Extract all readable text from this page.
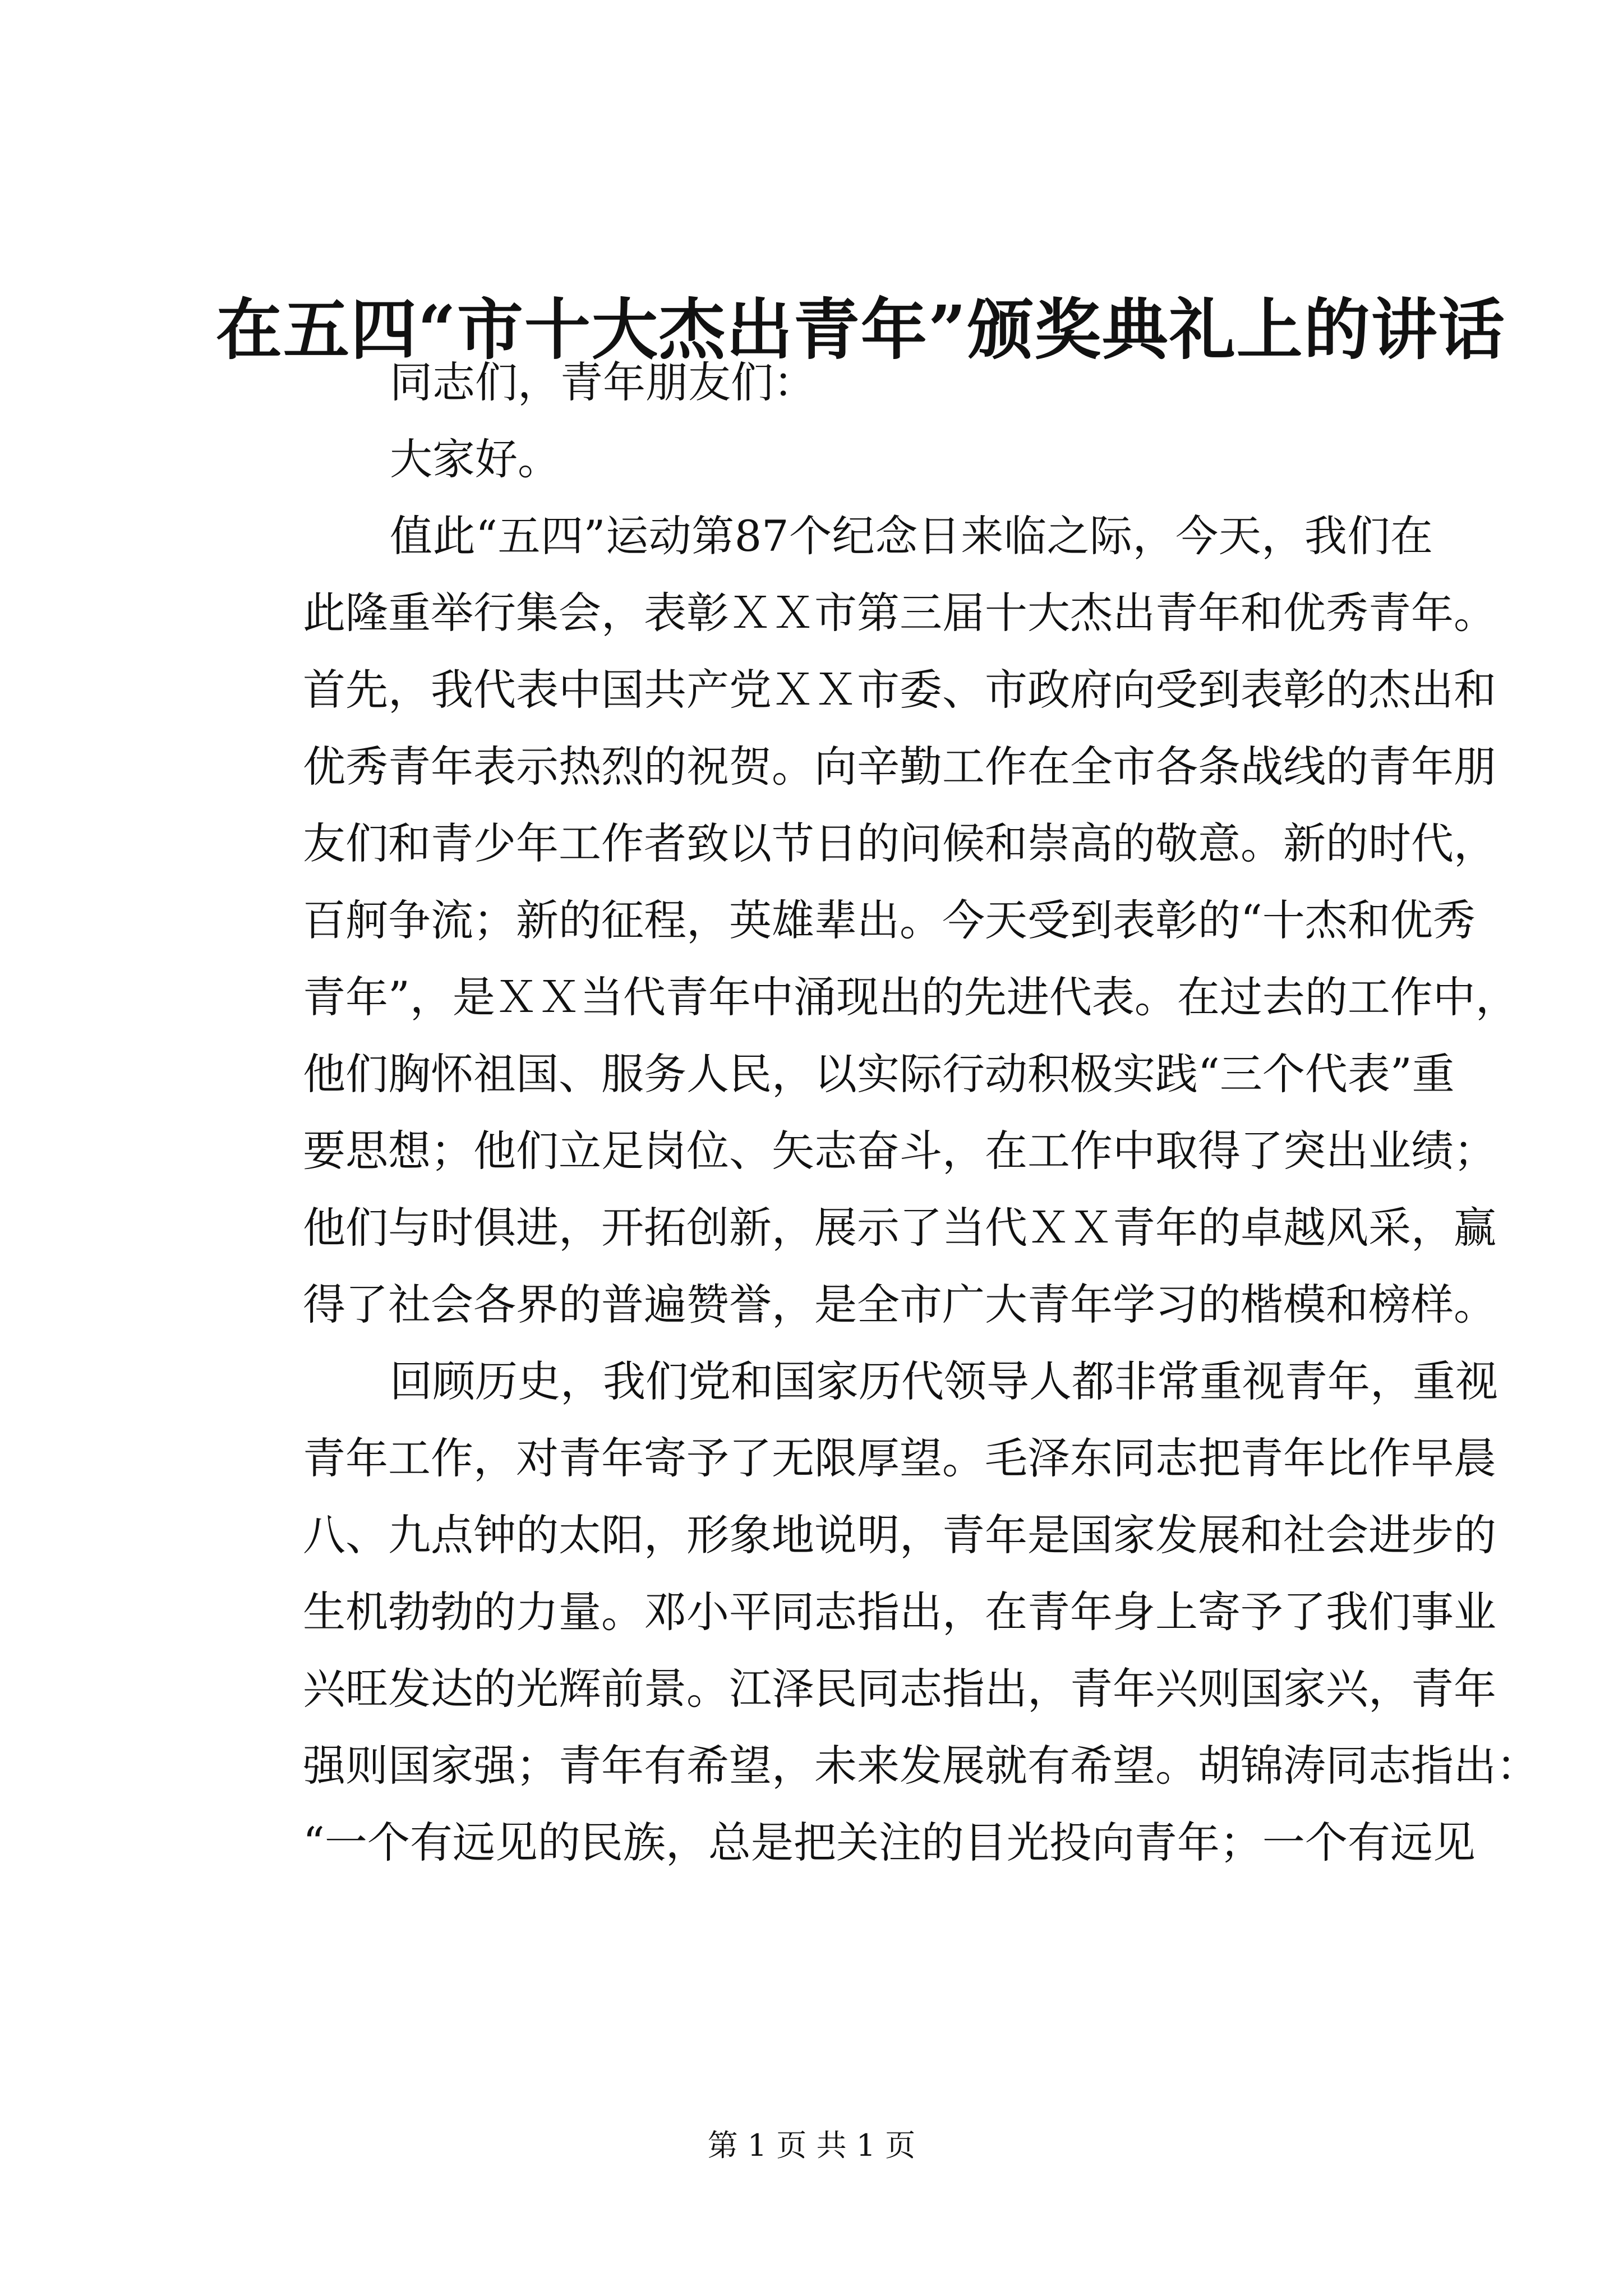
在五四“市十大杰出青年”颁奖典礼上的讲话
同志们，青年朋友们：
大家好。
值此“五四”运动第87个纪念日来临之际，今天，我们在
此隆重举行集会，表彰ＸＸ市第三届十大杰出青年和优秀青年。
首先，我代表中国共产党ＸＸ市委、市政府向受到表彰的杰出和
优秀青年表示热烈的祝贺。向辛勤工作在全市各条战线的青年朋
友们和青少年工作者致以节日的问候和崇高的敬意。新的时代，
百舸争流；新的征程，英雄辈出。今天受到表彰的“十杰和优秀
青年”，是ＸＸ当代青年中涌现出的先进代表。在过去的工作中，
他们胸怀祖国、服务人民，以实际行动积极实践“三个代表”重
要思想；他们立足岗位、矢志奋斗，在工作中取得了突出业绩；
他们与时俱进，开拓创新，展示了当代ＸＸ青年的卓越风采，赢
得了社会各界的普遍赞誉，是全市广大青年学习的楷模和榜样。
回顾历史，我们党和国家历代领导人都非常重视青年，重视
青年工作，对青年寄予了无限厚望。毛泽东同志把青年比作早晨
八、九点钟的太阳，形象地说明，青年是国家发展和社会进步的
生机勃勃的力量。邓小平同志指出，在青年身上寄予了我们事业
兴旺发达的光辉前景。江泽民同志指出，青年兴则国家兴，青年
强则国家强；青年有希望，未来发展就有希望。胡锦涛同志指出：
“一个有远见的民族，总是把关注的目光投向青年；一个有远见
第 1 页 共 1 页
